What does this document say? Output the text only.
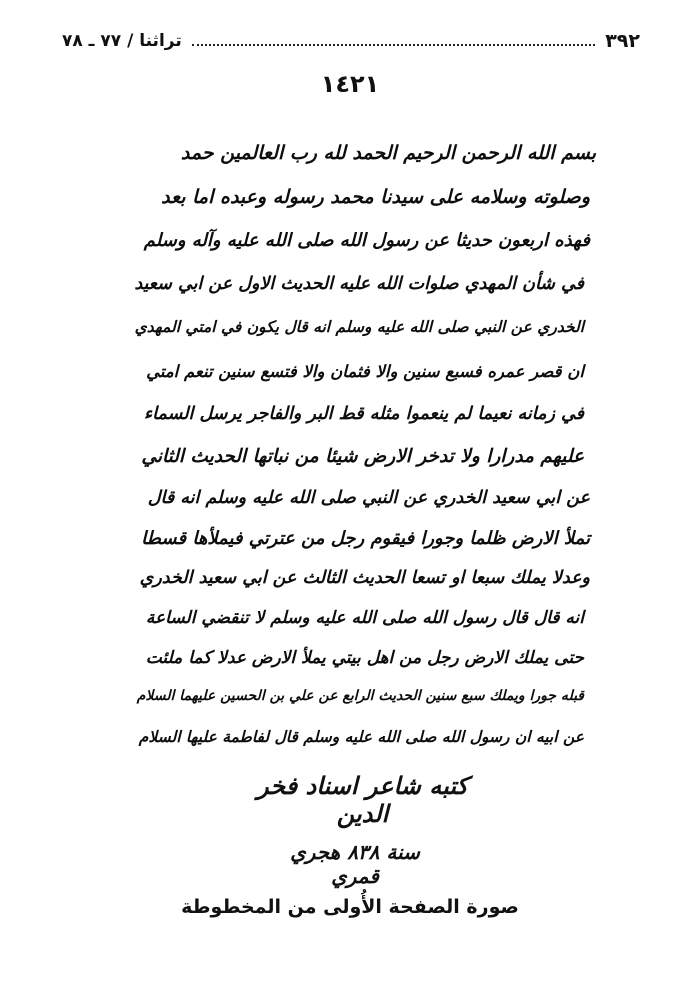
تراثنا / ٧٧ ـ ٧٨	٣٩٢
١٤٢١
بسم الله الرحمن الرحيم الحمد لله رب العالمين حمد
وصلوته وسلامه على سيدنا محمد رسوله وعبده اما بعد
فهذه اربعون حديثا عن رسول الله صلى الله عليه وآله وسلم
في شأن المهدي صلوات الله عليه الحديث الاول عن ابي سعيد
الخدري عن النبي صلى الله عليه وسلم انه قال يكون في امتي المهدي
ان قصر عمره فسبع سنين والا فثمان والا فتسع سنين تنعم امتي
في زمانه نعيما لم ينعموا مثله قط البر والفاجر يرسل السماء
عليهم مدرارا ولا تدخر الارض شيئا من نباتها الحديث الثاني
عن ابي سعيد الخدري عن النبي صلى الله عليه وسلم انه قال
تملأ الارض ظلما وجورا فيقوم رجل من عترتي فيملأها قسطا
وعدلا يملك سبعا او تسعا الحديث الثالث عن ابي سعيد الخدري
انه قال قال رسول الله صلى الله عليه وسلم لا تنقضي الساعة
حتى يملك الارض رجل من اهل بيتي يملأ الارض عدلا كما ملئت
قبله جورا ويملك سبع سنين الحديث الرابع عن علي بن الحسين عليهما السلام
عن ابيه ان رسول الله صلى الله عليه وسلم قال لفاطمة عليها السلام
كتبه شاعر اسناد فخر الدين
سنة ٨٣٨ هجري قمري
صورة الصفحة الأُولى من المخطوطة
